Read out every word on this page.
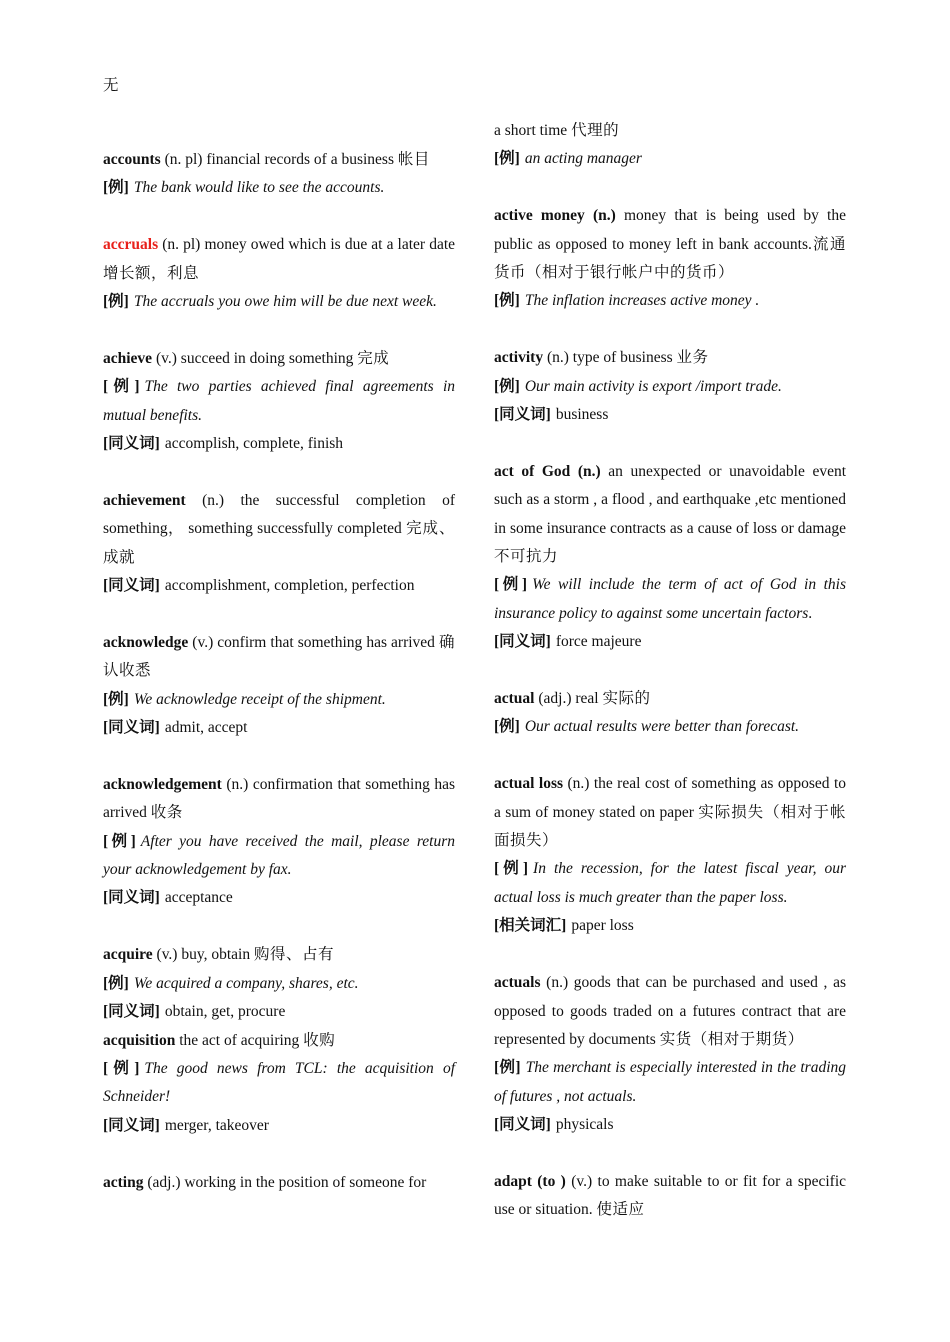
无
accounts (n. pl) financial records of a business 帐目
[例] The bank would like to see the accounts.
accruals (n. pl) money owed which is due at a later date 增长额，利息
[例] The accruals you owe him will be due next week.
achieve (v.) succeed in doing something 完成
[例] The two parties achieved final agreements in mutual benefits.
[同义词] accomplish, complete, finish
achievement (n.) the successful completion of something， something successfully completed 完成、成就
[同义词] accomplishment, completion, perfection
acknowledge (v.) confirm that something has arrived 确认收悉
[例] We acknowledge receipt of the shipment.
[同义词] admit, accept
acknowledgement (n.) confirmation that something has arrived 收条
[例] After you have received the mail, please return your acknowledgement by fax.
[同义词] acceptance
acquire (v.) buy, obtain 购得、占有
[例] We acquired a company, shares, etc.
[同义词] obtain, get, procure
acquisition the act of acquiring 收购
[例] The good news from TCL: the acquisition of Schneider!
[同义词] merger, takeover
acting (adj.) working in the position of someone for
a short time 代理的
[例] an acting manager
active money (n.) money that is being used by the public as opposed to money left in bank accounts.流通货币（相对于银行帐户中的货币）
[例] The inflation increases active money .
activity (n.) type of business 业务
[例] Our main activity is export /import trade.
[同义词] business
act of God (n.) an unexpected or unavoidable event such as a storm , a flood , and earthquake ,etc mentioned in some insurance contracts as a cause of loss or damage 不可抗力
[例] We will include the term of act of God in this insurance policy to against some uncertain factors.
[同义词] force majeure
actual (adj.) real 实际的
[例] Our actual results were better than forecast.
actual loss (n.) the real cost of something as opposed to a sum of money stated on paper 实际损失（相对于帐面损失）
[例] In the recession, for the latest fiscal year, our actual loss is much greater than the paper loss.
[相关词汇] paper loss
actuals (n.) goods that can be purchased and used , as opposed to goods traded on a futures contract that are represented by documents 实货（相对于期货）
[例] The merchant is especially interested in the trading of futures , not actuals.
[同义词] physicals
adapt (to ) (v.) to make suitable to or fit for a specific use or situation. 使适应
